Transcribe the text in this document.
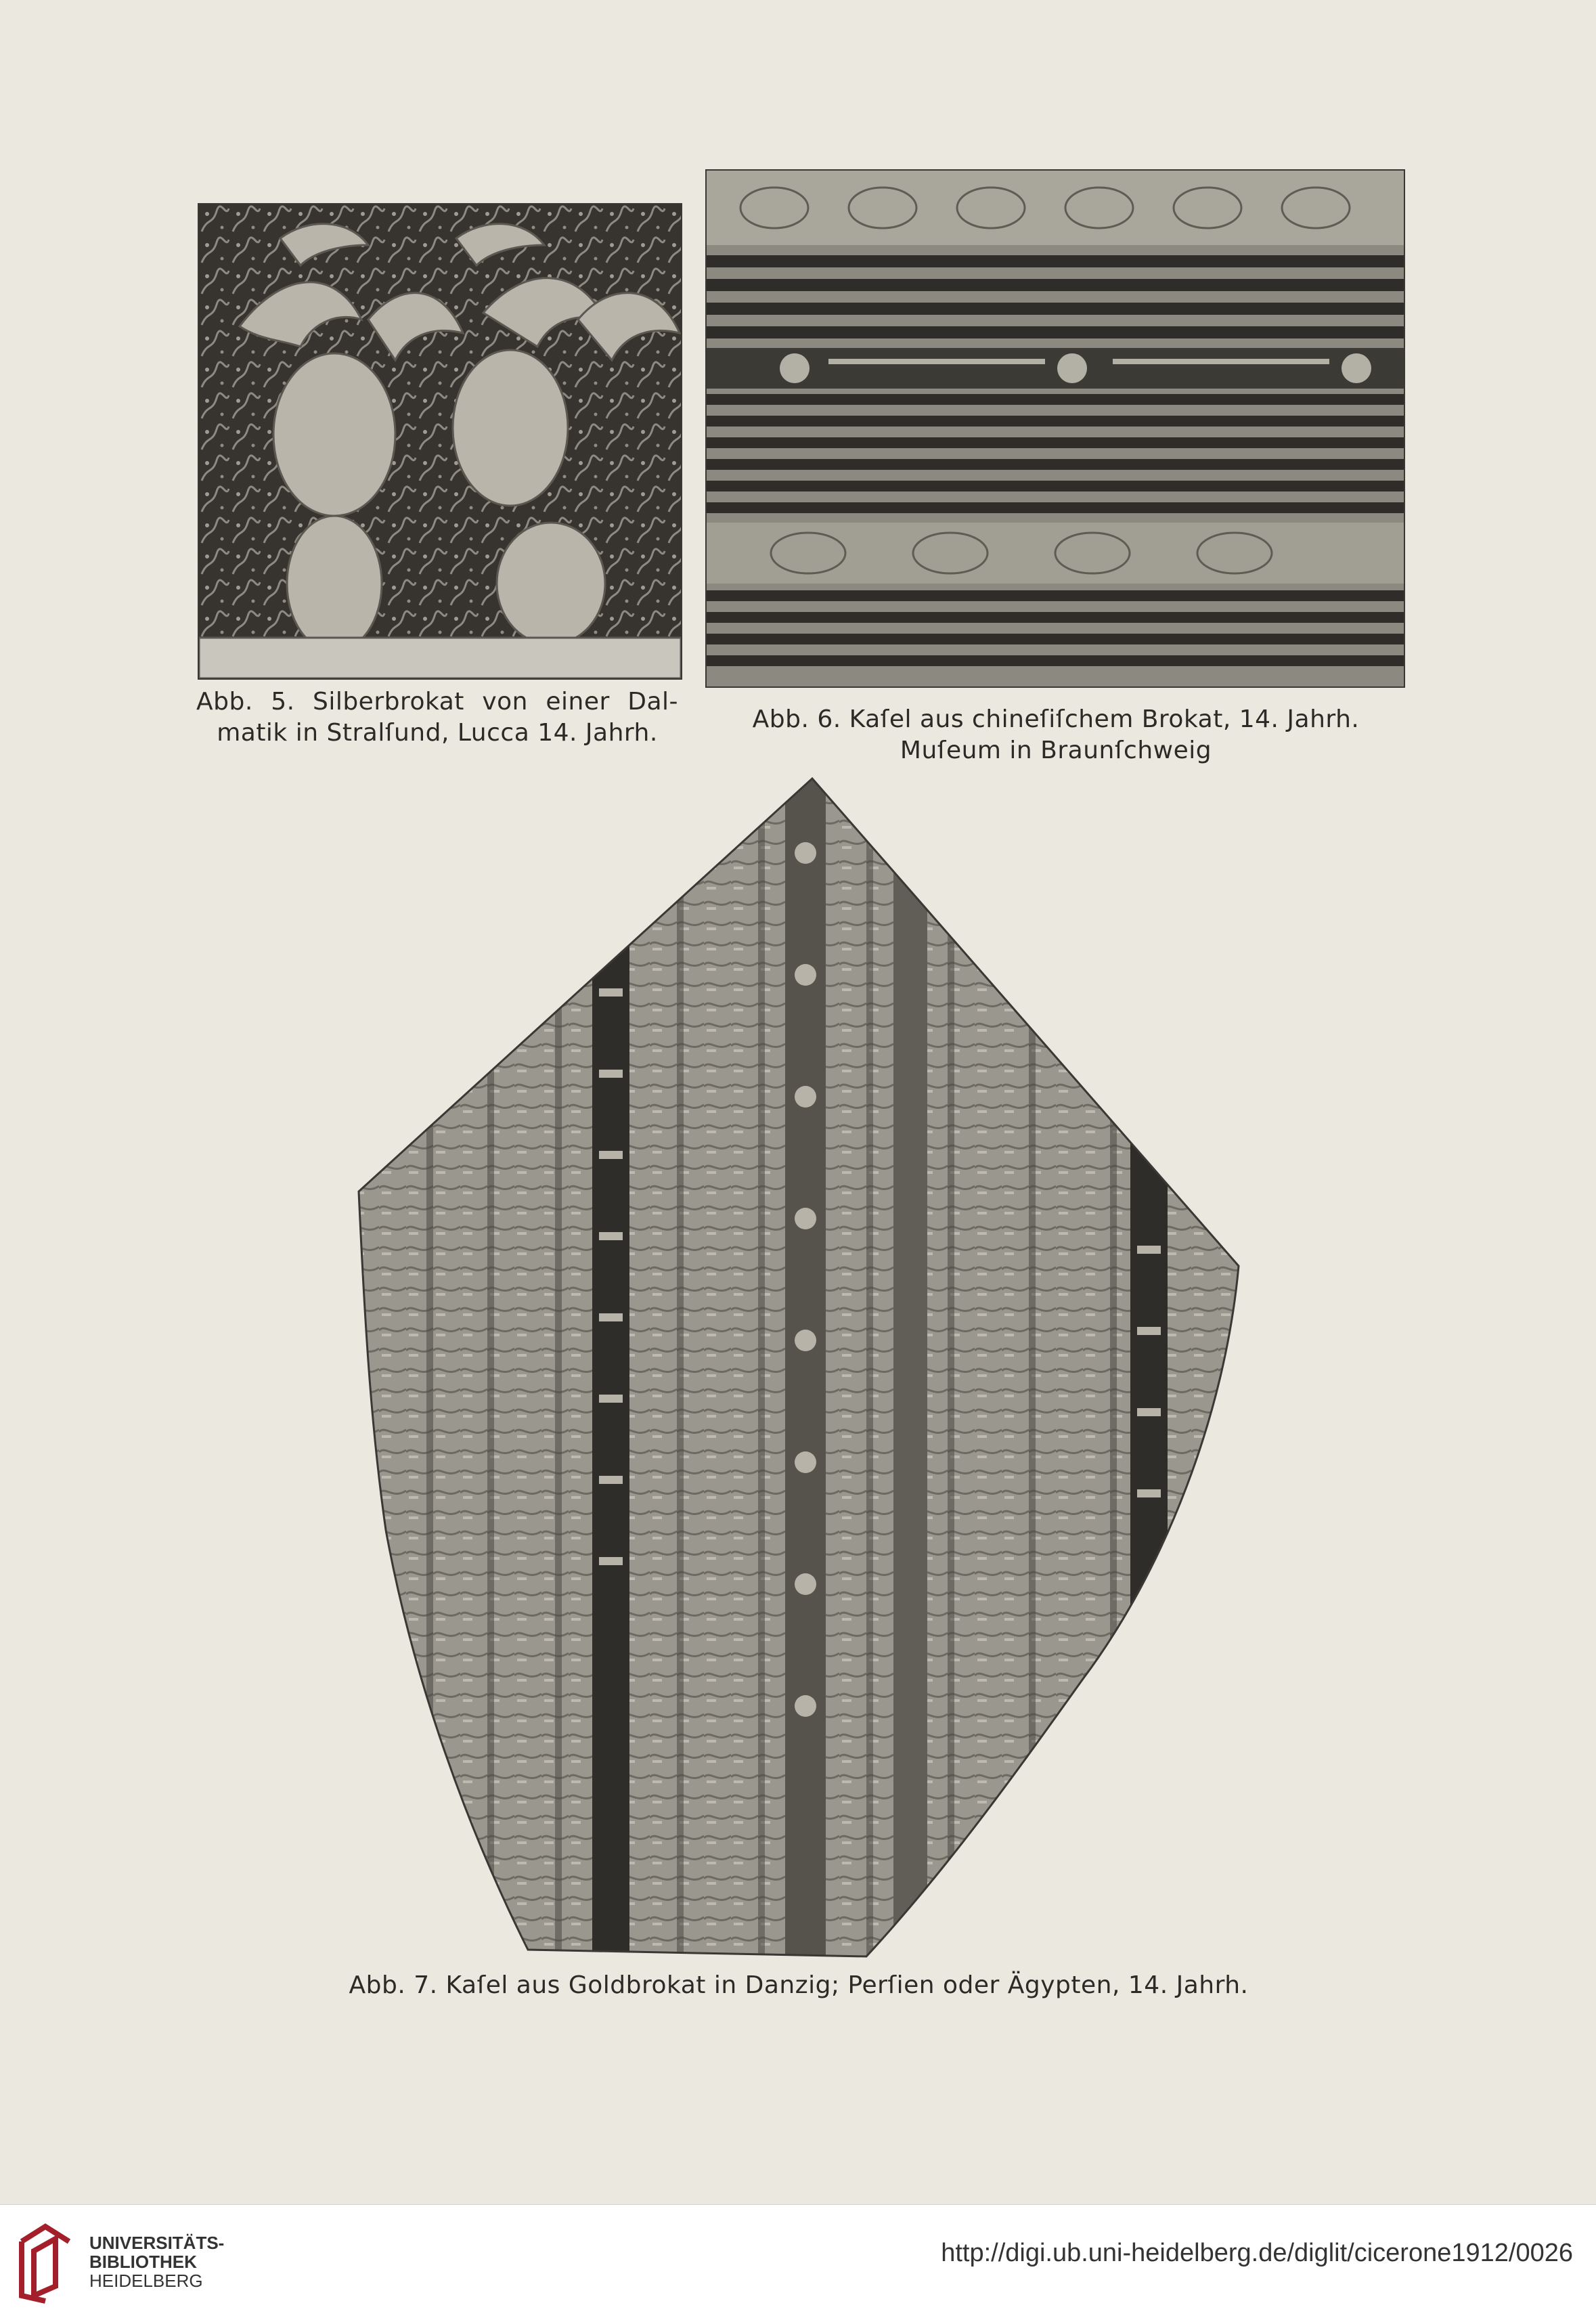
Abb. 5. Silberbrokat von einer Dal-
matik in Stralſund, Lucca 14. Jahrh.	Abb. 6. Kaſel aus chineſiſchem Brokat, 14. Jahrh.
Muſeum in Braunſchweig
Abb. 7. Kaſel aus Goldbrokat in Danzig; Perſien oder Ägypten, 14. Jahrh.
UNIVERSITÄTS-
BIBLIOTHEK
HEIDELBERG
http://digi.ub.uni-heidelberg.de/diglit/cicerone1912/0026
